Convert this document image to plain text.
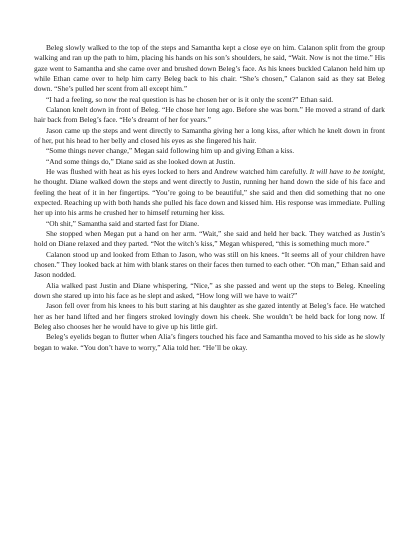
Beleg slowly walked to the top of the steps and Samantha kept a close eye on him. Calanon split from the group walking and ran up the path to him, placing his hands on his son’s shoulders, he said, “Wait. Now is not the time.” His gaze went to Samantha and she came over and brushed down Beleg’s face. As his knees buckled Calanon held him up while Ethan came over to help him carry Beleg back to his chair. “She’s chosen,” Calanon said as they sat Beleg down. “She’s pulled her scent from all except him.”

“I had a feeling, so now the real question is has he chosen her or is it only the scent?” Ethan said.

Calanon knelt down in front of Beleg. “He chose her long ago. Before she was born.” He moved a strand of dark hair back from Beleg’s face. “He’s dreamt of her for years.”

Jason came up the steps and went directly to Samantha giving her a long kiss, after which he knelt down in front of her, put his head to her belly and closed his eyes as she fingered his hair.

“Some things never change,” Megan said following him up and giving Ethan a kiss.

“And some things do,” Diane said as she looked down at Justin.

He was flushed with heat as his eyes locked to hers and Andrew watched him carefully. It will have to be tonight, he thought. Diane walked down the steps and went directly to Justin, running her hand down the side of his face and feeling the heat of it in her fingertips. “You’re going to be beautiful,” she said and then did something that no one expected. Reaching up with both hands she pulled his face down and kissed him. His response was immediate. Pulling her up into his arms he crushed her to himself returning her kiss.

“Oh shit,” Samantha said and started fast for Diane.

She stopped when Megan put a hand on her arm. “Wait,” she said and held her back. They watched as Justin’s hold on Diane relaxed and they parted. “Not the witch’s kiss,” Megan whispered, “this is something much more.”

Calanon stood up and looked from Ethan to Jason, who was still on his knees. “It seems all of your children have chosen.” They looked back at him with blank stares on their faces then turned to each other. “Oh man,” Ethan said and Jason nodded.

Alia walked past Justin and Diane whispering, “Nice,” as she passed and went up the steps to Beleg. Kneeling down she stared up into his face as he slept and asked, “How long will we have to wait?”

Jason fell over from his knees to his butt staring at his daughter as she gazed intently at Beleg’s face. He watched her as her hand lifted and her fingers stroked lovingly down his cheek. She wouldn’t be held back for long now. If Beleg also chooses her he would have to give up his little girl.

Beleg’s eyelids began to flutter when Alia’s fingers touched his face and Samantha moved to his side as he slowly began to wake. “You don’t have to worry,” Alia told her. “He’ll be okay.
